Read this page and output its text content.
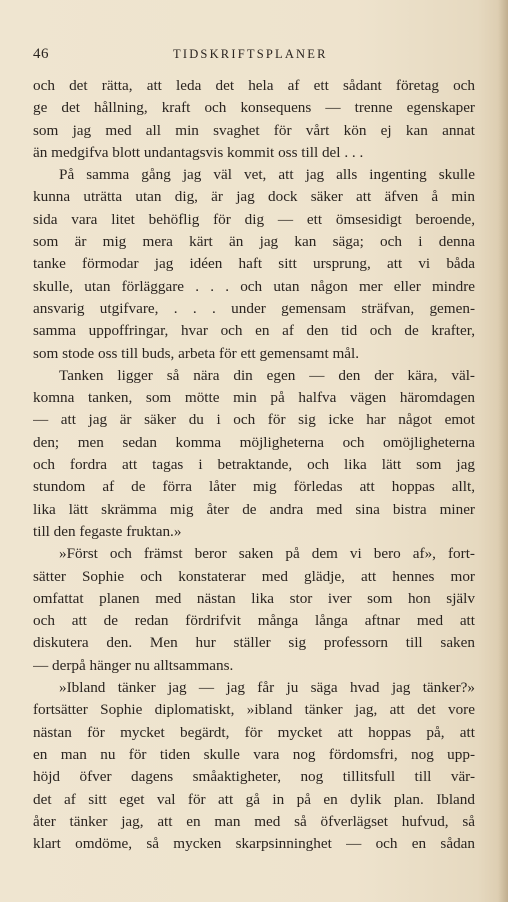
46	TIDSKRIFTSPLANER
och det rätta, att leda det hela af ett sådant företag och
ge det hållning, kraft och konsequens — trenne egenskaper
som jag med all min svaghet för vårt kön ej kan annat
än medgifva blott undantagsvis kommit oss till del . . .
På samma gång jag väl vet, att jag alls ingenting skulle
kunna uträtta utan dig, är jag dock säker att äfven å min
sida vara litet behöflig för dig — ett ömsesidigt beroende,
som är mig mera kärt än jag kan säga; och i denna
tanke förmodar jag idéen haft sitt ursprung, att vi båda
skulle, utan förläggare . . . och utan någon mer eller mindre
ansvarig utgifvare, . . . under gemensam sträfvan, gemen-
samma uppoffringar, hvar och en af den tid och de krafter,
som stode oss till buds, arbeta för ett gemensamt mål.
Tanken ligger så nära din egen — den der kära, väl-
komna tanken, som mötte min på halfva vägen häromdagen
— att jag är säker du i och för sig icke har något emot
den; men sedan komma möjligheterna och omöjligheterna
och fordra att tagas i betraktande, och lika lätt som jag
stundom af de förra låter mig förledas att hoppas allt,
lika lätt skrämma mig åter de andra med sina bistra miner
till den fegaste fruktan.»
»Först och främst beror saken på dem vi bero af», fort-
sätter Sophie och konstaterar med glädje, att hennes mor
omfattat planen med nästan lika stor iver som hon själv
och att de redan fördrifvit många långa aftnar med att
diskutera den. Men hur ställer sig professorn till saken
— derpå hänger nu alltsammans.
»Ibland tänker jag — jag får ju säga hvad jag tänker?»
fortsätter Sophie diplomatiskt, »ibland tänker jag, att det vore
nästan för mycket begärdt, för mycket att hoppas på, att
en man nu för tiden skulle vara nog fördomsfri, nog upp-
höjd öfver dagens småaktigheter, nog tillitsfull till vär-
det af sitt eget val för att gå in på en dylik plan. Ibland
åter tänker jag, att en man med så öfverlägset hufvud, så
klart omdöme, så mycken skarpsinninghet — och en sådan
